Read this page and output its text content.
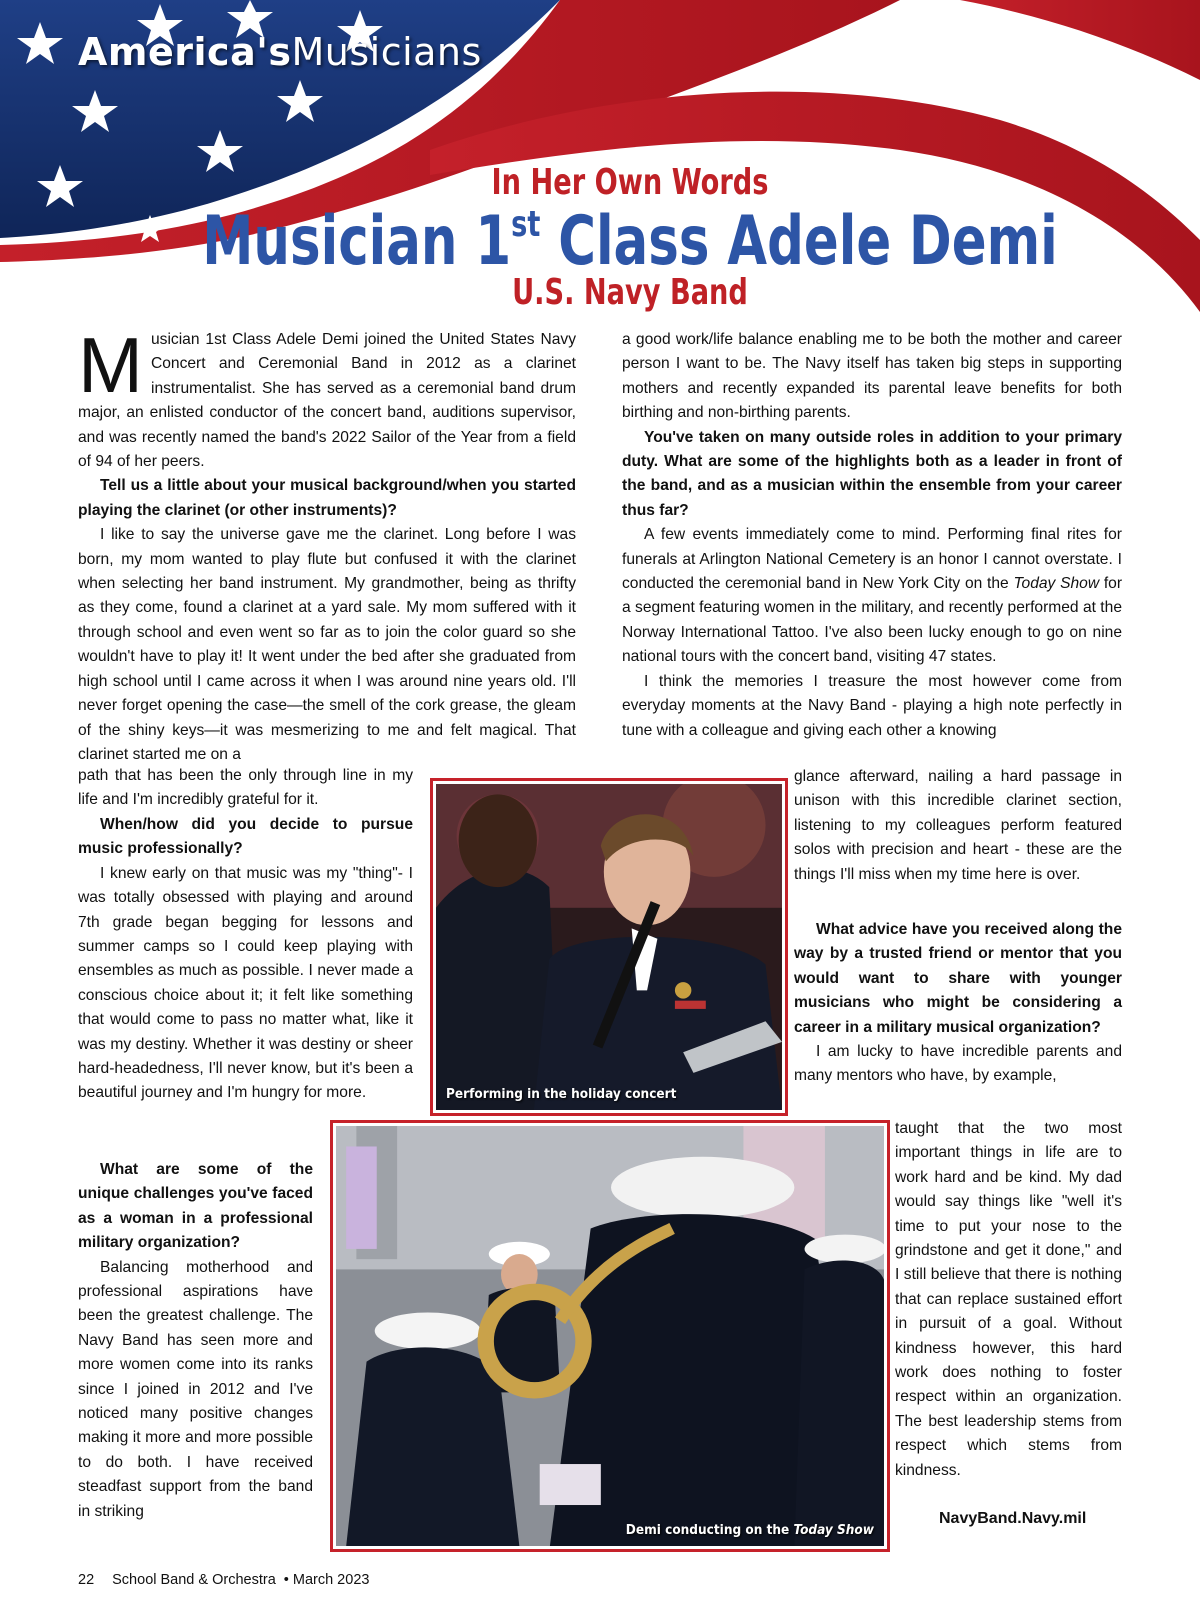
America'sMusicians
In Her Own Words
Musician 1st Class Adele Demi
U.S. Navy Band

Musician 1st Class Adele Demi joined the United States Navy Concert and Ceremonial Band in 2012 as a clarinet instrumentalist. She has served as a ceremonial band drum major, an enlisted conductor of the concert band, auditions supervisor, and was recently named the band's 2022 Sailor of the Year from a field of 94 of her peers.

Tell us a little about your musical background/when you started playing the clarinet (or other instruments)?

I like to say the universe gave me the clarinet. Long before I was born, my mom wanted to play flute but confused it with the clarinet when selecting her band instrument. My grandmother, being as thrifty as they come, found a clarinet at a yard sale. My mom suffered with it through school and even went so far as to join the color guard so she wouldn't have to play it! It went under the bed after she graduated from high school until I came across it when I was around nine years old. I'll never forget opening the case—the smell of the cork grease, the gleam of the shiny keys—it was mesmerizing to me and felt magical. That clarinet started me on a

path that has been the only through line in my life and I'm incredibly grateful for it.

When/how did you decide to pursue music professionally?

I knew early on that music was my "thing"- I was totally obsessed with playing and around 7th grade began begging for lessons and summer camps so I could keep playing with ensembles as much as possible. I never made a conscious choice about it; it felt like something that would come to pass no matter what, like it was my destiny. Whether it was destiny or sheer hard-headedness, I'll never know, but it's been a beautiful journey and I'm hungry for more.

What are some of the unique challenges you've faced as a woman in a professional military organization?

Balancing motherhood and professional aspirations have been the greatest challenge. The Navy Band has seen more and more women come into its ranks since I joined in 2012 and I've noticed many positive changes making it more and more possible to do both. I have received steadfast support from the band in striking

a good work/life balance enabling me to be both the mother and career person I want to be. The Navy itself has taken big steps in supporting mothers and recently expanded its parental leave benefits for both birthing and non-birthing parents.

You've taken on many outside roles in addition to your primary duty. What are some of the highlights both as a leader in front of the band, and as a musician within the ensemble from your career thus far?

A few events immediately come to mind. Performing final rites for funerals at Arlington National Cemetery is an honor I cannot overstate. I conducted the ceremonial band in New York City on the Today Show for a segment featuring women in the military, and recently performed at the Norway International Tattoo. I've also been lucky enough to go on nine national tours with the concert band, visiting 47 states.

I think the memories I treasure the most however come from everyday moments at the Navy Band - playing a high note perfectly in tune with a colleague and giving each other a knowing

glance afterward, nailing a hard passage in unison with this incredible clarinet section, listening to my colleagues perform featured solos with precision and heart - these are the things I'll miss when my time here is over.

What advice have you received along the way by a trusted friend or mentor that you would want to share with younger musicians who might be considering a career in a military musical organization?

I am lucky to have incredible parents and many mentors who have, by example,

taught that the two most important things in life are to work hard and be kind. My dad would say things like "well it's time to put your nose to the grindstone and get it done," and I still believe that there is nothing that can replace sustained effort in pursuit of a goal. Without kindness however, this hard work does nothing to foster respect within an organization. The best leadership stems from respect which stems from kindness.

Performing in the holiday concert
Demi conducting on the Today Show
NavyBand.Navy.mil
22 School Band & Orchestra • March 2023
